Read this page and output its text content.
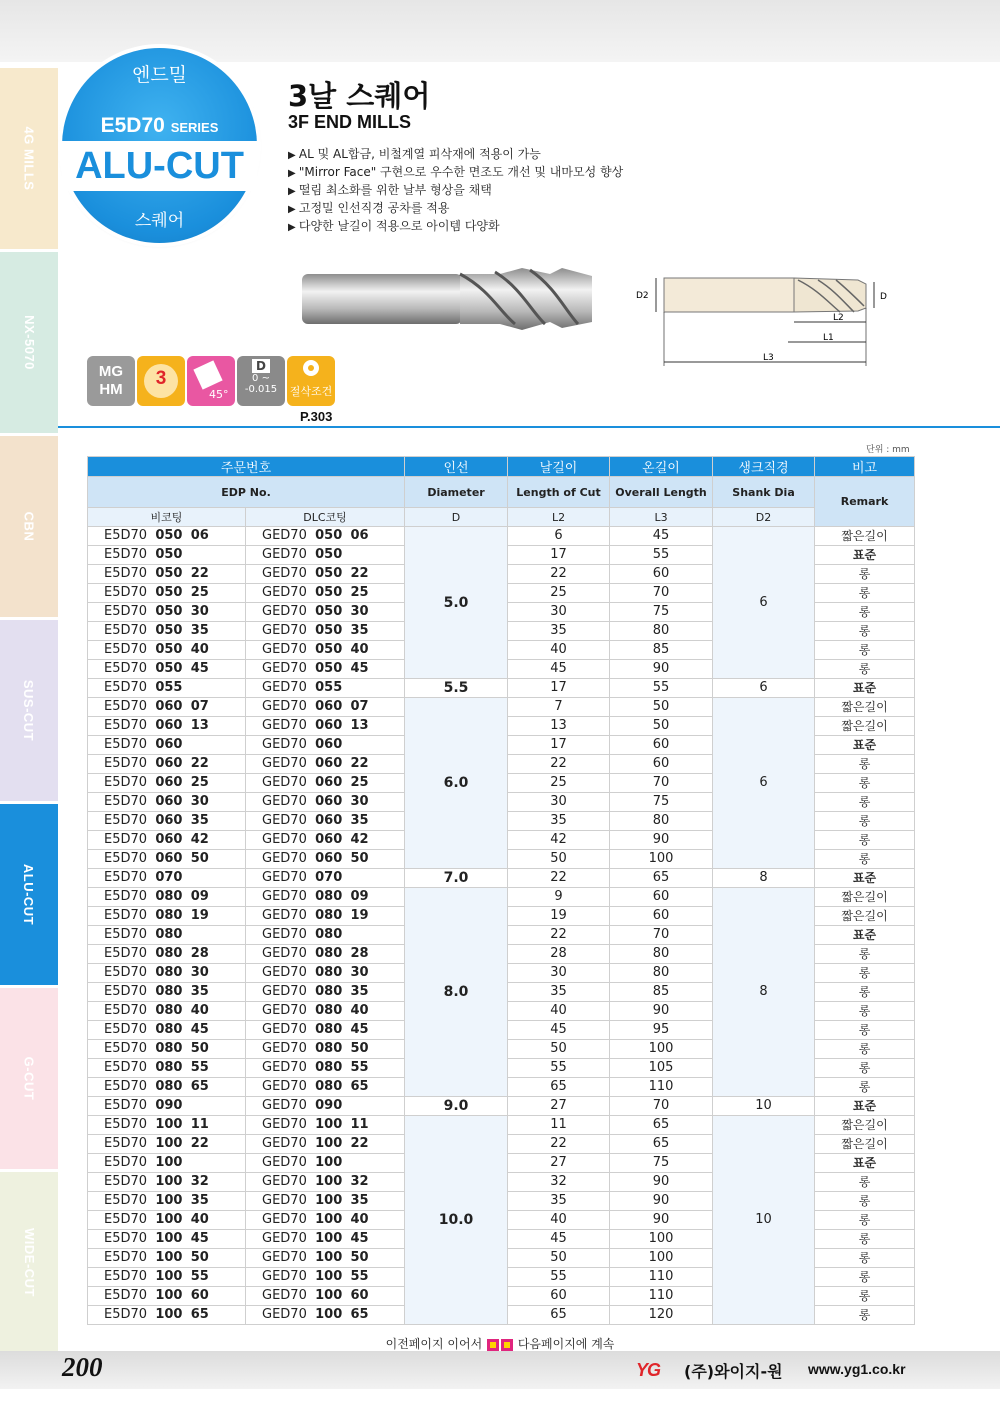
4G MILLS
NX-5070
CBN
SUS-CUT
ALU-CUT
G-CUT
WIDE-CUT
엔드밀
E5D70 SERIES
ALU-CUT
스퀘어
3날 스퀘어
3F END MILLS
▶ AL 및 AL합금, 비철계열 피삭재에 적용이 가능
▶ "Mirror Face" 구현으로 우수한 면조도 개선 및 내마모성 향상
▶ 떨림 최소화를 위한 날부 형상을 채택
▶ 고정밀 인선직경 공차를 적용
▶ 다양한 날길이 적용으로 아이템 다양화
D2	D
L2
L1
L3
MG
HM
3
45°
D
0 ~
-0.015	절삭조건
P.303
단위 : mm
주문번호		인선	날길이	온길이	생크직경	비고
EDP No.		Diameter	Length of Cut	Overall Length	Shank Dia	Remark
비코팅	DLC코팅	D	L2	L3	D2	
E5D70 050 06	GED70 050 06	5.0	6	45	6	짧은길이
E5D70 050	GED70 050		17	55		표준
E5D70 050 22	GED70 050 22		22	60		롱
E5D70 050 25	GED70 050 25		25	70		롱
E5D70 050 30	GED70 050 30		30	75		롱
E5D70 050 35	GED70 050 35		35	80		롱
E5D70 050 40	GED70 050 40		40	85		롱
E5D70 050 45	GED70 050 45		45	90		롱
E5D70 055	GED70 055	5.5	17	55	6	표준
E5D70 060 07	GED70 060 07	6.0	7	50	6	짧은길이
E5D70 060 13	GED70 060 13		13	50		짧은길이
E5D70 060	GED70 060		17	60		표준
E5D70 060 22	GED70 060 22		22	60		롱
E5D70 060 25	GED70 060 25		25	70		롱
E5D70 060 30	GED70 060 30		30	75		롱
E5D70 060 35	GED70 060 35		35	80		롱
E5D70 060 42	GED70 060 42		42	90		롱
E5D70 060 50	GED70 060 50		50	100		롱
E5D70 070	GED70 070	7.0	22	65	8	표준
E5D70 080 09	GED70 080 09	8.0	9	60	8	짧은길이
E5D70 080 19	GED70 080 19		19	60		짧은길이
E5D70 080	GED70 080		22	70		표준
E5D70 080 28	GED70 080 28		28	80		롱
E5D70 080 30	GED70 080 30		30	80		롱
E5D70 080 35	GED70 080 35		35	85		롱
E5D70 080 40	GED70 080 40		40	90		롱
E5D70 080 45	GED70 080 45		45	95		롱
E5D70 080 50	GED70 080 50		50	100		롱
E5D70 080 55	GED70 080 55		55	105		롱
E5D70 080 65	GED70 080 65		65	110		롱
E5D70 090	GED70 090	9.0	27	70	10	표준
E5D70 100 11	GED70 100 11	10.0	11	65	10	짧은길이
E5D70 100 22	GED70 100 22		22	65		짧은길이
E5D70 100	GED70 100		27	75		표준
E5D70 100 32	GED70 100 32		32	90		롱
E5D70 100 35	GED70 100 35		35	90		롱
E5D70 100 40	GED70 100 40		40	90		롱
E5D70 100 45	GED70 100 45		45	100		롱
E5D70 100 50	GED70 100 50		50	100		롱
E5D70 100 55	GED70 100 55		55	110		롱
E5D70 100 60	GED70 100 60		60	110		롱
E5D70 100 65	GED70 100 65		65	120		롱
이전페이지 이어서	다음페이지에 계속
200	YG (주)와이지-원 www.yg1.co.kr
